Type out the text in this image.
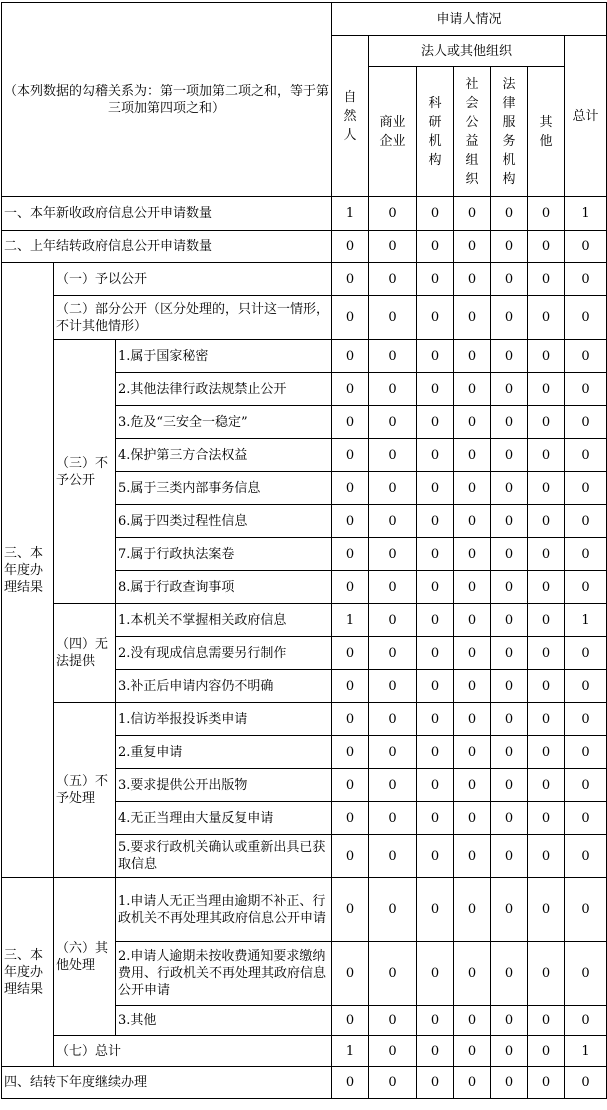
（本列数据的勾稽关系为：第一项加第二项之和，等于第三项加第四项之和）			申请人情况						
			自然人	法人或其他组织					总计
				商业企业	科研机构	社会公益组织	法律服务机构	其他	

一、本年新收政府信息公开申请数量			1	0	0	0	0	0	1
二、上年结转政府信息公开申请数量			0	0	0	0	0	0	0
三、本年度办理结果	（一）予以公开		0	0	0	0	0	0	0
	（二）部分公开（区分处理的，只计这一情形，不计其他情形）		0	0	0	0	0	0	0
	（三）不予公开	1.属于国家秘密	0	0	0	0	0	0	0
		2.其他法律行政法规禁止公开	0	0	0	0	0	0	0
		3.危及“三安全一稳定”	0	0	0	0	0	0	0
		4.保护第三方合法权益	0	0	0	0	0	0	0
		5.属于三类内部事务信息	0	0	0	0	0	0	0
		6.属于四类过程性信息	0	0	0	0	0	0	0
		7.属于行政执法案卷	0	0	0	0	0	0	0
		8.属于行政查询事项	0	0	0	0	0	0	0
	（四）无法提供	1.本机关不掌握相关政府信息	1	0	0	0	0	0	1
		2.没有现成信息需要另行制作	0	0	0	0	0	0	0
		3.补正后申请内容仍不明确	0	0	0	0	0	0	0
	（五）不予处理	1.信访举报投诉类申请	0	0	0	0	0	0	0
		2.重复申请	0	0	0	0	0	0	0
		3.要求提供公开出版物	0	0	0	0	0	0	0
		4.无正当理由大量反复申请	0	0	0	0	0	0	0
		5.要求行政机关确认或重新出具已获取信息	0	0	0	0	0	0	0
三、本年度办理结果	（六）其他处理	1.申请人无正当理由逾期不补正、行政机关不再处理其政府信息公开申请	0	0	0	0	0	0	0
		2.申请人逾期未按收费通知要求缴纳费用、行政机关不再处理其政府信息公开申请	0	0	0	0	0	0	0
		3.其他	0	0	0	0	0	0	0
	（七）总计		1	0	0	0	0	0	1
四、结转下年度继续办理			0	0	0	0	0	0	0
